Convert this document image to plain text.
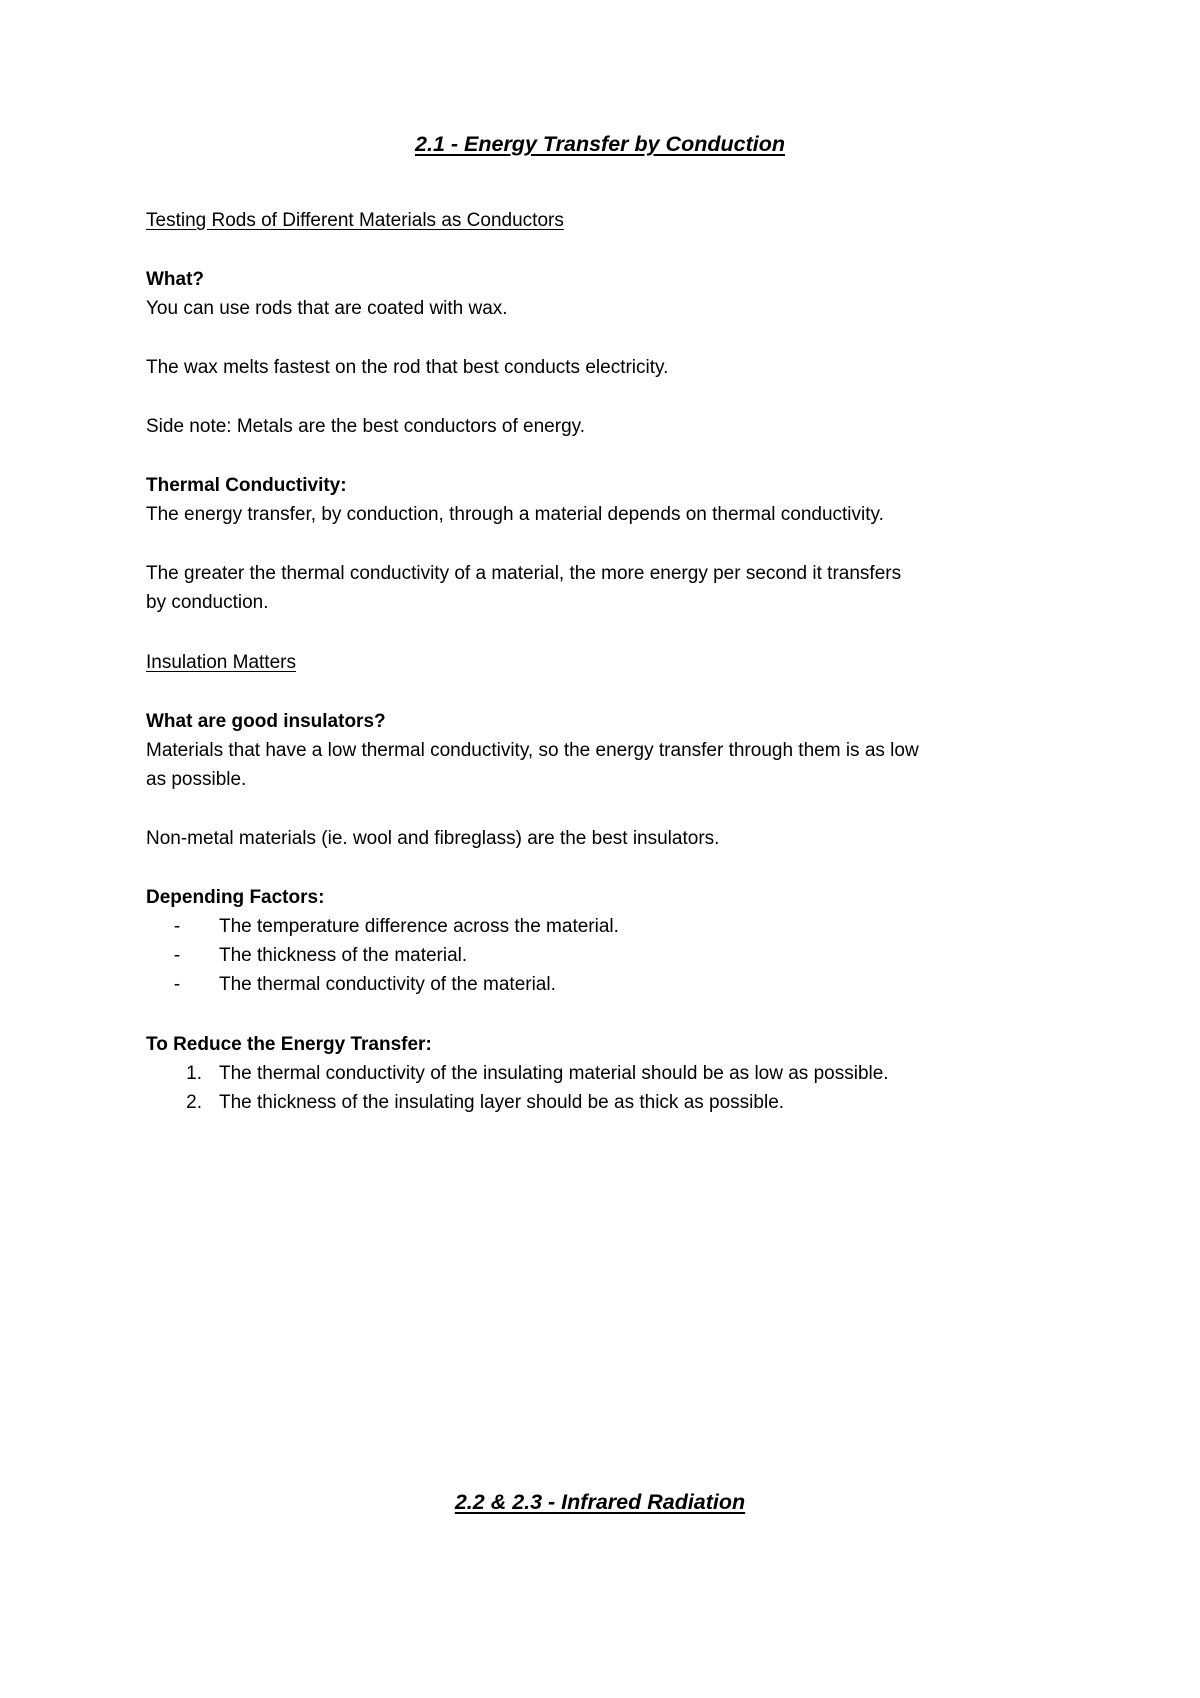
2.1 - Energy Transfer by Conduction

Testing Rods of Different Materials as Conductors

What?

You can use rods that are coated with wax.

The wax melts fastest on the rod that best conducts electricity.

Side note: Metals are the best conductors of energy.

Thermal Conductivity:

The energy transfer, by conduction, through a material depends on thermal conductivity.

The greater the thermal conductivity of a material, the more energy per second it transfers

by conduction.

Insulation Matters

What are good insulators?

Materials that have a low thermal conductivity, so the energy transfer through them is as low

as possible.

Non-metal materials (ie. wool and fibreglass) are the best insulators.

Depending Factors:

-	The temperature difference across the material.

-	The thickness of the material.

-	The thermal conductivity of the material.

To Reduce the Energy Transfer:

1. The thermal conductivity of the insulating material should be as low as possible.

2. The thickness of the insulating layer should be as thick as possible.

2.2 & 2.3 - Infrared Radiation
